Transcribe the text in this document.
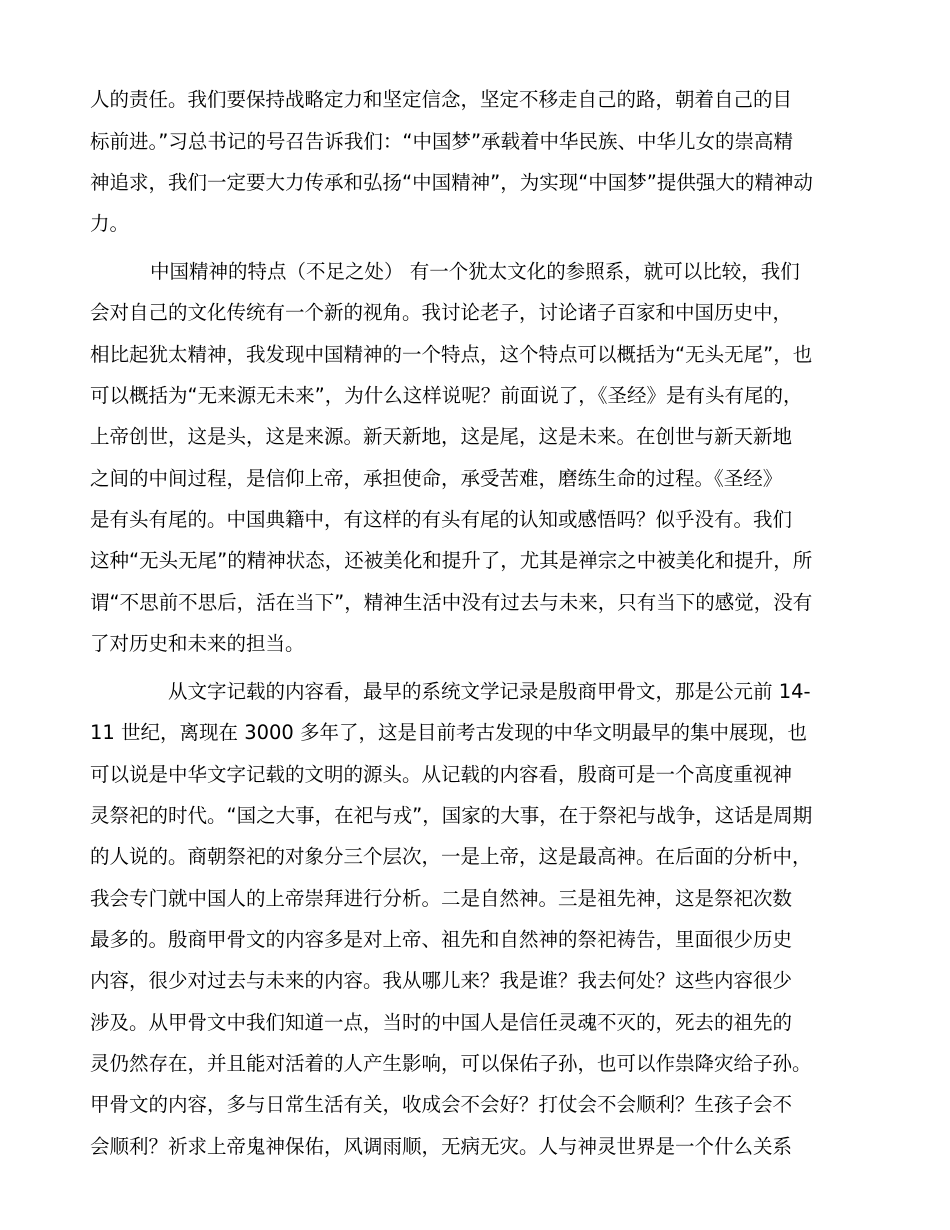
人的责任。我们要保持战略定力和坚定信念，坚定不移走自己的路，朝着自己的目
标前进。”习总书记的号召告诉我们：“中国梦”承载着中华民族、中华儿女的崇高精
神追求，我们一定要大力传承和弘扬“中国精神”，为实现“中国梦”提供强大的精神动
力。
中国精神的特点（不足之处） 有一个犹太文化的参照系，就可以比较，我们
会对自己的文化传统有一个新的视角。我讨论老子，讨论诸子百家和中国历史中，
相比起犹太精神，我发现中国精神的一个特点，这个特点可以概括为“无头无尾”，也
可以概括为“无来源无未来”，为什么这样说呢？前面说了，《圣经》是有头有尾的，
上帝创世，这是头，这是来源。新天新地，这是尾，这是未来。在创世与新天新地
之间的中间过程，是信仰上帝，承担使命，承受苦难，磨练生命的过程。《圣经》
是有头有尾的。中国典籍中，有这样的有头有尾的认知或感悟吗？似乎没有。我们
这种“无头无尾”的精神状态，还被美化和提升了，尤其是禅宗之中被美化和提升，所
谓“不思前不思后，活在当下”，精神生活中没有过去与未来，只有当下的感觉，没有
了对历史和未来的担当。
从文字记载的内容看，最早的系统文学记录是殷商甲骨文，那是公元前 14-
11 世纪，离现在 3000 多年了，这是目前考古发现的中华文明最早的集中展现，也
可以说是中华文字记载的文明的源头。从记载的内容看，殷商可是一个高度重视神
灵祭祀的时代。“国之大事，在祀与戎”，国家的大事，在于祭祀与战争，这话是周期
的人说的。商朝祭祀的对象分三个层次，一是上帝，这是最高神。在后面的分析中，
我会专门就中国人的上帝崇拜进行分析。二是自然神。三是祖先神，这是祭祀次数
最多的。殷商甲骨文的内容多是对上帝、祖先和自然神的祭祀祷告，里面很少历史
内容，很少对过去与未来的内容。我从哪儿来？我是谁？我去何处？这些内容很少
涉及。从甲骨文中我们知道一点，当时的中国人是信任灵魂不灭的，死去的祖先的
灵仍然存在，并且能对活着的人产生影响，可以保佑子孙，也可以作祟降灾给子孙。
甲骨文的内容，多与日常生活有关，收成会不会好？打仗会不会顺利？生孩子会不
会顺利？祈求上帝鬼神保佑，风调雨顺，无病无灾。人与神灵世界是一个什么关系
